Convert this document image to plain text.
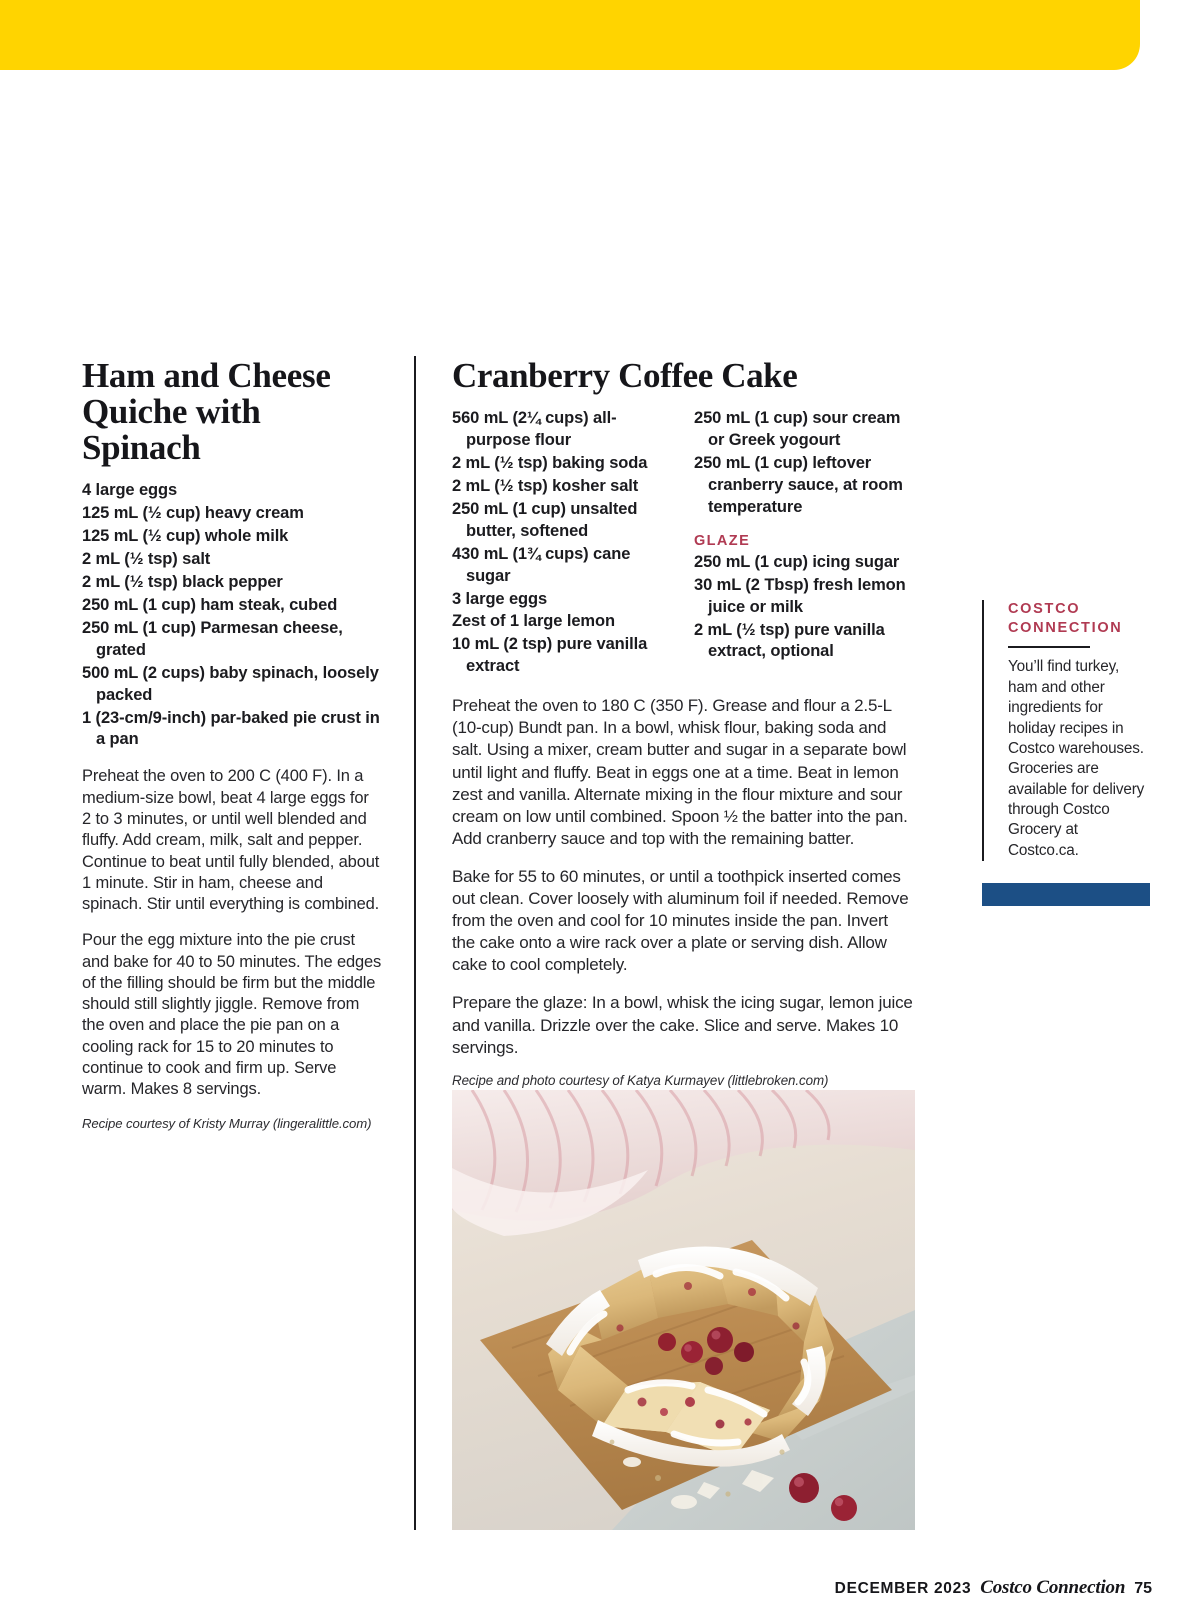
Ham and Cheese Quiche with Spinach
4 large eggs
125 mL (½ cup) heavy cream
125 mL (½ cup) whole milk
2 mL (½ tsp) salt
2 mL (½ tsp) black pepper
250 mL (1 cup) ham steak, cubed
250 mL (1 cup) Parmesan cheese, grated
500 mL (2 cups) baby spinach, loosely packed
1 (23-cm/9-inch) par-baked pie crust in a pan

Preheat the oven to 200 C (400 F). In a medium-size bowl, beat 4 large eggs for 2 to 3 minutes, or until well blended and fluffy. Add cream, milk, salt and pepper. Continue to beat until fully blended, about 1 minute. Stir in ham, cheese and spinach. Stir until everything is combined.

Pour the egg mixture into the pie crust and bake for 40 to 50 minutes. The edges of the filling should be firm but the middle should still slightly jiggle. Remove from the oven and place the pie pan on a cooling rack for 15 to 20 minutes to continue to cook and firm up. Serve warm. Makes 8 servings.

Recipe courtesy of Kristy Murray (lingeralittle.com)
Cranberry Coffee Cake
560 mL (2¼ cups) all-purpose flour
2 mL (½ tsp) baking soda
2 mL (½ tsp) kosher salt
250 mL (1 cup) unsalted butter, softened
430 mL (1¾ cups) cane sugar
3 large eggs
Zest of 1 large lemon
10 mL (2 tsp) pure vanilla extract
250 mL (1 cup) sour cream or Greek yogourt
250 mL (1 cup) leftover cranberry sauce, at room temperature
GLAZE
250 mL (1 cup) icing sugar
30 mL (2 Tbsp) fresh lemon juice or milk
2 mL (½ tsp) pure vanilla extract, optional

Preheat the oven to 180 C (350 F). Grease and flour a 2.5-L (10-cup) Bundt pan. In a bowl, whisk flour, baking soda and salt. Using a mixer, cream butter and sugar in a separate bowl until light and fluffy. Beat in eggs one at a time. Beat in lemon zest and vanilla. Alternate mixing in the flour mixture and sour cream on low until combined. Spoon ½ the batter into the pan. Add cranberry sauce and top with the remaining batter.

Bake for 55 to 60 minutes, or until a toothpick inserted comes out clean. Cover loosely with aluminum foil if needed. Remove from the oven and cool for 10 minutes inside the pan. Invert the cake onto a wire rack over a plate or serving dish. Allow cake to cool completely.

Prepare the glaze: In a bowl, whisk the icing sugar, lemon juice and vanilla. Drizzle over the cake. Slice and serve. Makes 10 servings.

Recipe and photo courtesy of Katya Kurmayev (littlebroken.com)
COSTCO CONNECTION
You’ll find turkey, ham and other ingredients for holiday recipes in Costco warehouses. Groceries are available for delivery through Costco Grocery at Costco.ca.
DECEMBER 2023 Costco Connection 75
